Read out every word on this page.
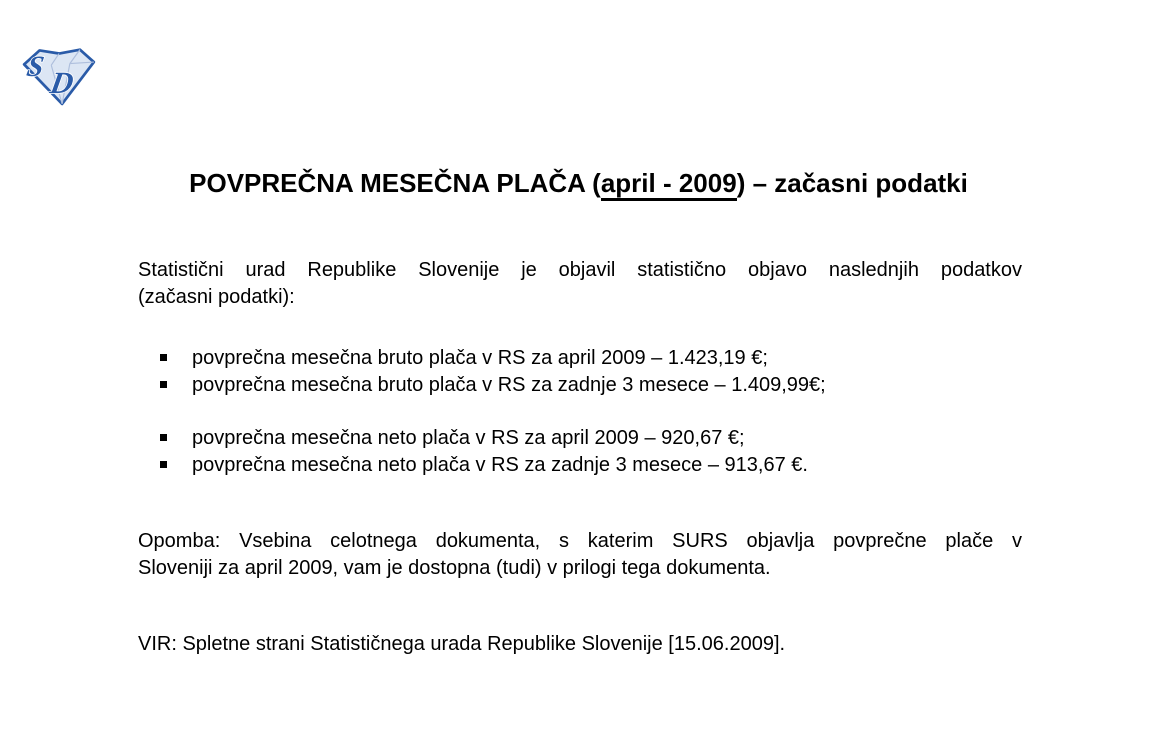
S D
POVPREČNA MESEČNA PLAČA (april - 2009) – začasni podatki
Statistični urad Republike Slovenije je objavil statistično objavo naslednjih podatkov
(začasni podatki):
povprečna mesečna bruto plača v RS za april 2009 – 1.423,19 €;
povprečna mesečna bruto plača v RS za zadnje 3 mesece – 1.409,99€;
povprečna mesečna neto plača v RS za april 2009 – 920,67 €;
povprečna mesečna neto plača v RS za zadnje 3 mesece – 913,67 €.
Opomba: Vsebina celotnega dokumenta, s katerim SURS objavlja povprečne plače v
Sloveniji za april 2009, vam je dostopna (tudi) v prilogi tega dokumenta.
VIR: Spletne strani Statističnega urada Republike Slovenije [15.06.2009].
